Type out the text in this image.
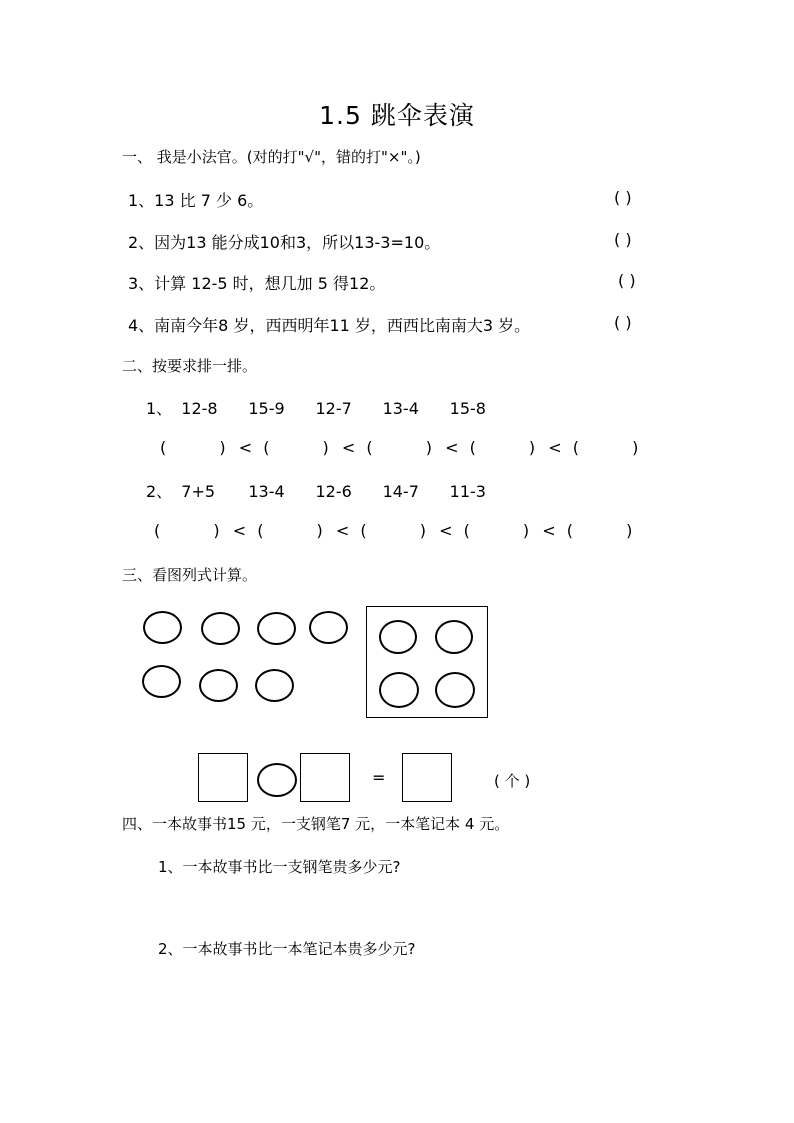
1.5 跳伞表演
一、 我是小法官。(对的打"√"，错的打"×"。)
1、13 比 7 少 6。	( )
2、因为13 能分成10和3，所以13-3=10。	( )
3、计算 12-5 时，想几加 5 得12。	( )
4、南南今年8 岁，西西明年11 岁，西西比南南大3 岁。	( )
二、按要求排一排。
1、 12-8 15-9 12-7 13-4 15-8
(	) < (	) < (	) < (	) < (	)
2、 7+5 13-4 12-6 14-7 11-3
(	) < (	) < (	) < (	) < (	)
三、看图列式计算。
=	( 个 )
四、一本故事书15 元，一支钢笔7 元，一本笔记本 4 元。
1、一本故事书比一支钢笔贵多少元?
2、一本故事书比一本笔记本贵多少元?
